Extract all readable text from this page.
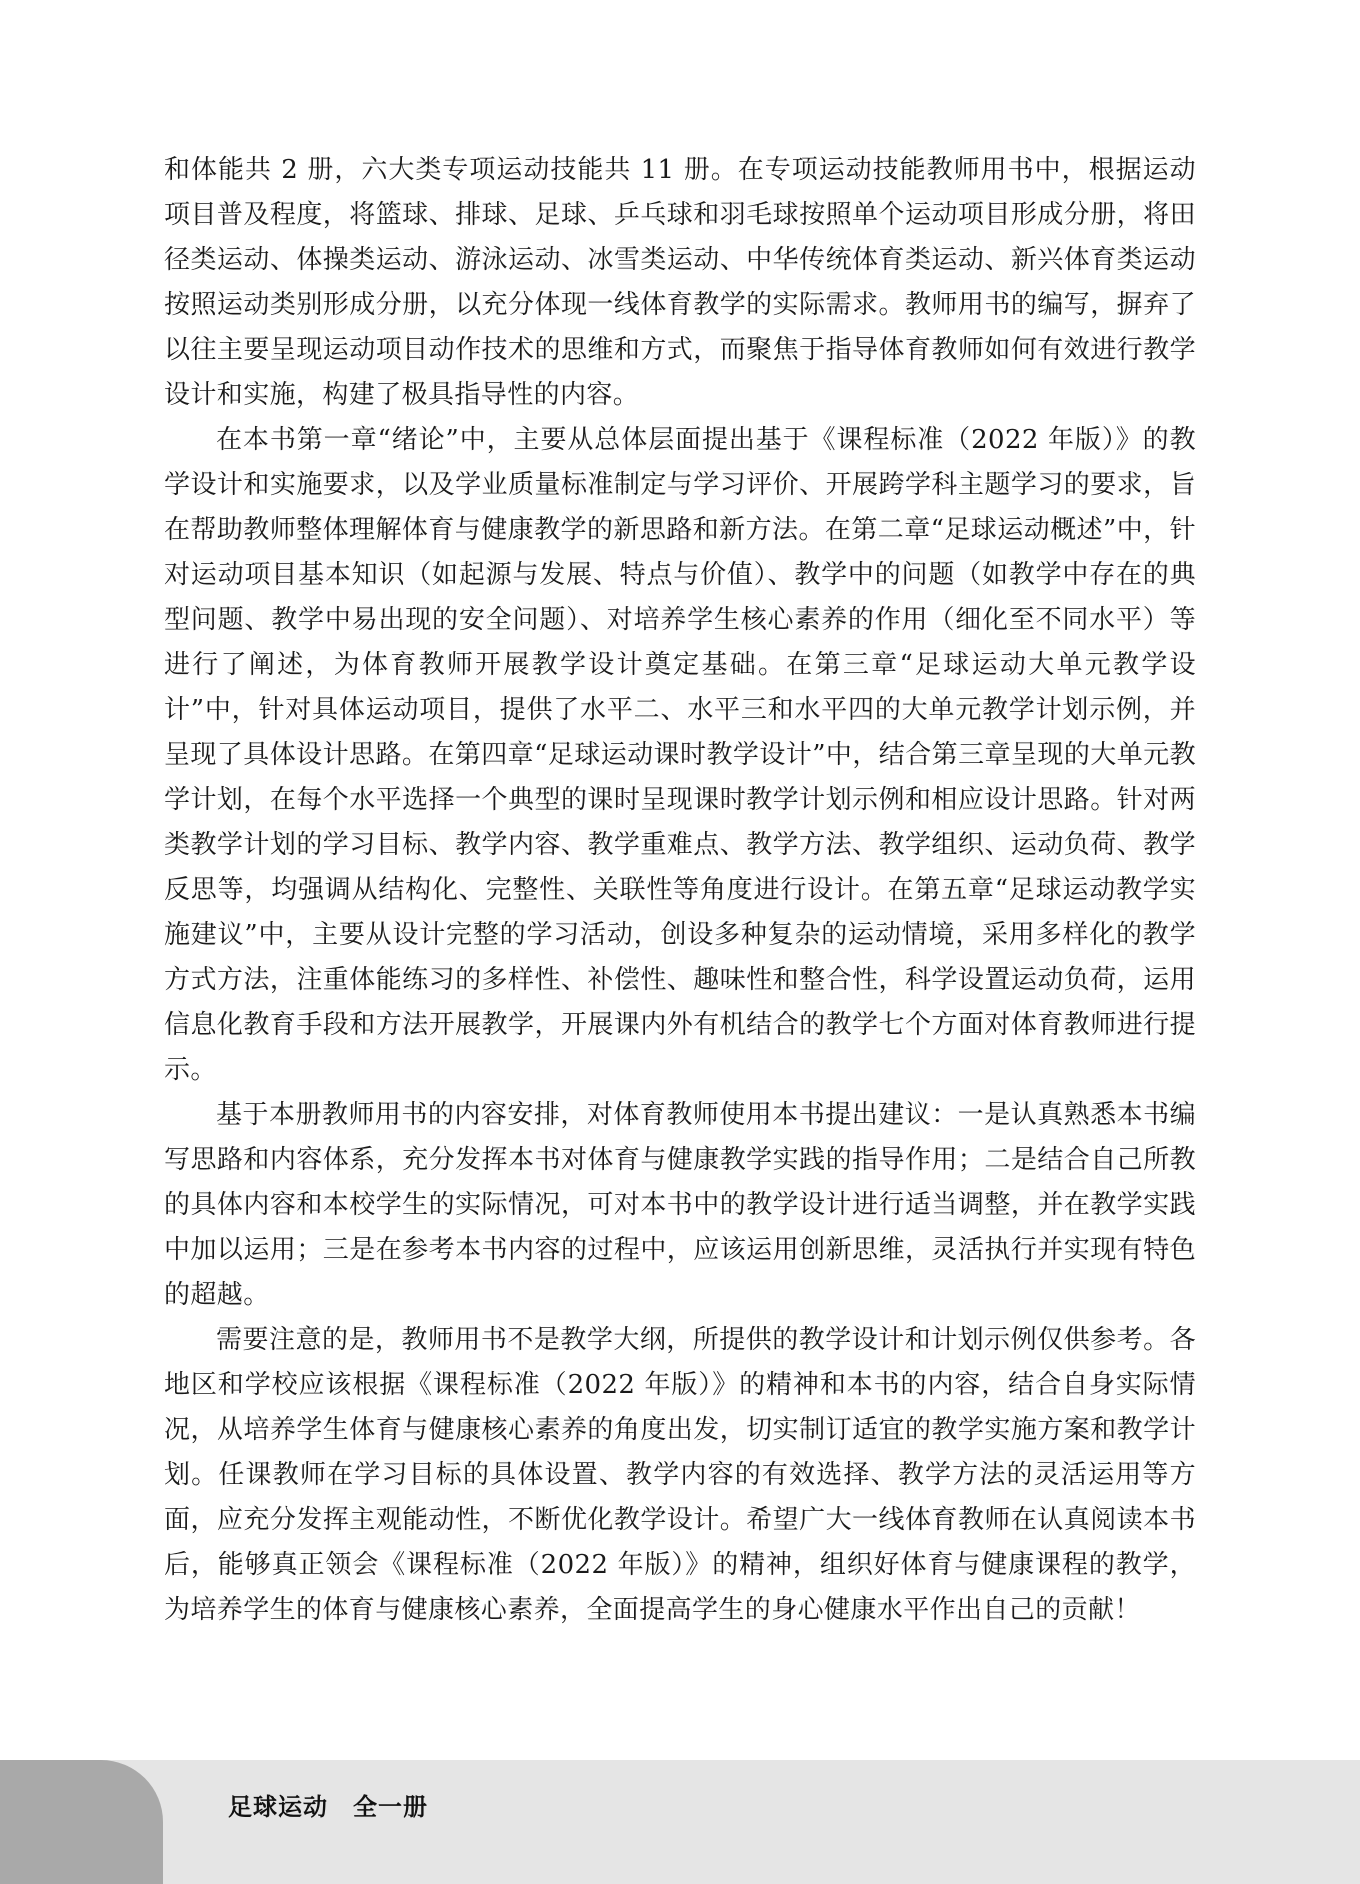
和体能共 2 册，六大类专项运动技能共 11 册。在专项运动技能教师用书中，根据运动项目普及程度，将篮球、排球、足球、乒乓球和羽毛球按照单个运动项目形成分册，将田径类运动、体操类运动、游泳运动、冰雪类运动、中华传统体育类运动、新兴体育类运动按照运动类别形成分册，以充分体现一线体育教学的实际需求。教师用书的编写，摒弃了以往主要呈现运动项目动作技术的思维和方式，而聚焦于指导体育教师如何有效进行教学设计和实施，构建了极具指导性的内容。

在本书第一章“绪论”中，主要从总体层面提出基于《课程标准（2022 年版）》的教学设计和实施要求，以及学业质量标准制定与学习评价、开展跨学科主题学习的要求，旨在帮助教师整体理解体育与健康教学的新思路和新方法。在第二章“足球运动概述”中，针对运动项目基本知识（如起源与发展、特点与价值）、教学中的问题（如教学中存在的典型问题、教学中易出现的安全问题）、对培养学生核心素养的作用（细化至不同水平）等进行了阐述，为体育教师开展教学设计奠定基础。在第三章“足球运动大单元教学设计”中，针对具体运动项目，提供了水平二、水平三和水平四的大单元教学计划示例，并呈现了具体设计思路。在第四章“足球运动课时教学设计”中，结合第三章呈现的大单元教学计划，在每个水平选择一个典型的课时呈现课时教学计划示例和相应设计思路。针对两类教学计划的学习目标、教学内容、教学重难点、教学方法、教学组织、运动负荷、教学反思等，均强调从结构化、完整性、关联性等角度进行设计。在第五章“足球运动教学实施建议”中，主要从设计完整的学习活动，创设多种复杂的运动情境，采用多样化的教学方式方法，注重体能练习的多样性、补偿性、趣味性和整合性，科学设置运动负荷，运用信息化教育手段和方法开展教学，开展课内外有机结合的教学七个方面对体育教师进行提示。

基于本册教师用书的内容安排，对体育教师使用本书提出建议：一是认真熟悉本书编写思路和内容体系，充分发挥本书对体育与健康教学实践的指导作用；二是结合自己所教的具体内容和本校学生的实际情况，可对本书中的教学设计进行适当调整，并在教学实践中加以运用；三是在参考本书内容的过程中，应该运用创新思维，灵活执行并实现有特色的超越。

需要注意的是，教师用书不是教学大纲，所提供的教学设计和计划示例仅供参考。各地区和学校应该根据《课程标准（2022 年版）》的精神和本书的内容，结合自身实际情况，从培养学生体育与健康核心素养的角度出发，切实制订适宜的教学实施方案和教学计划。任课教师在学习目标的具体设置、教学内容的有效选择、教学方法的灵活运用等方面，应充分发挥主观能动性，不断优化教学设计。希望广大一线体育教师在认真阅读本书后，能够真正领会《课程标准（2022 年版）》的精神，组织好体育与健康课程的教学，为培养学生的体育与健康核心素养，全面提高学生的身心健康水平作出自己的贡献！

足球运动　全一册
